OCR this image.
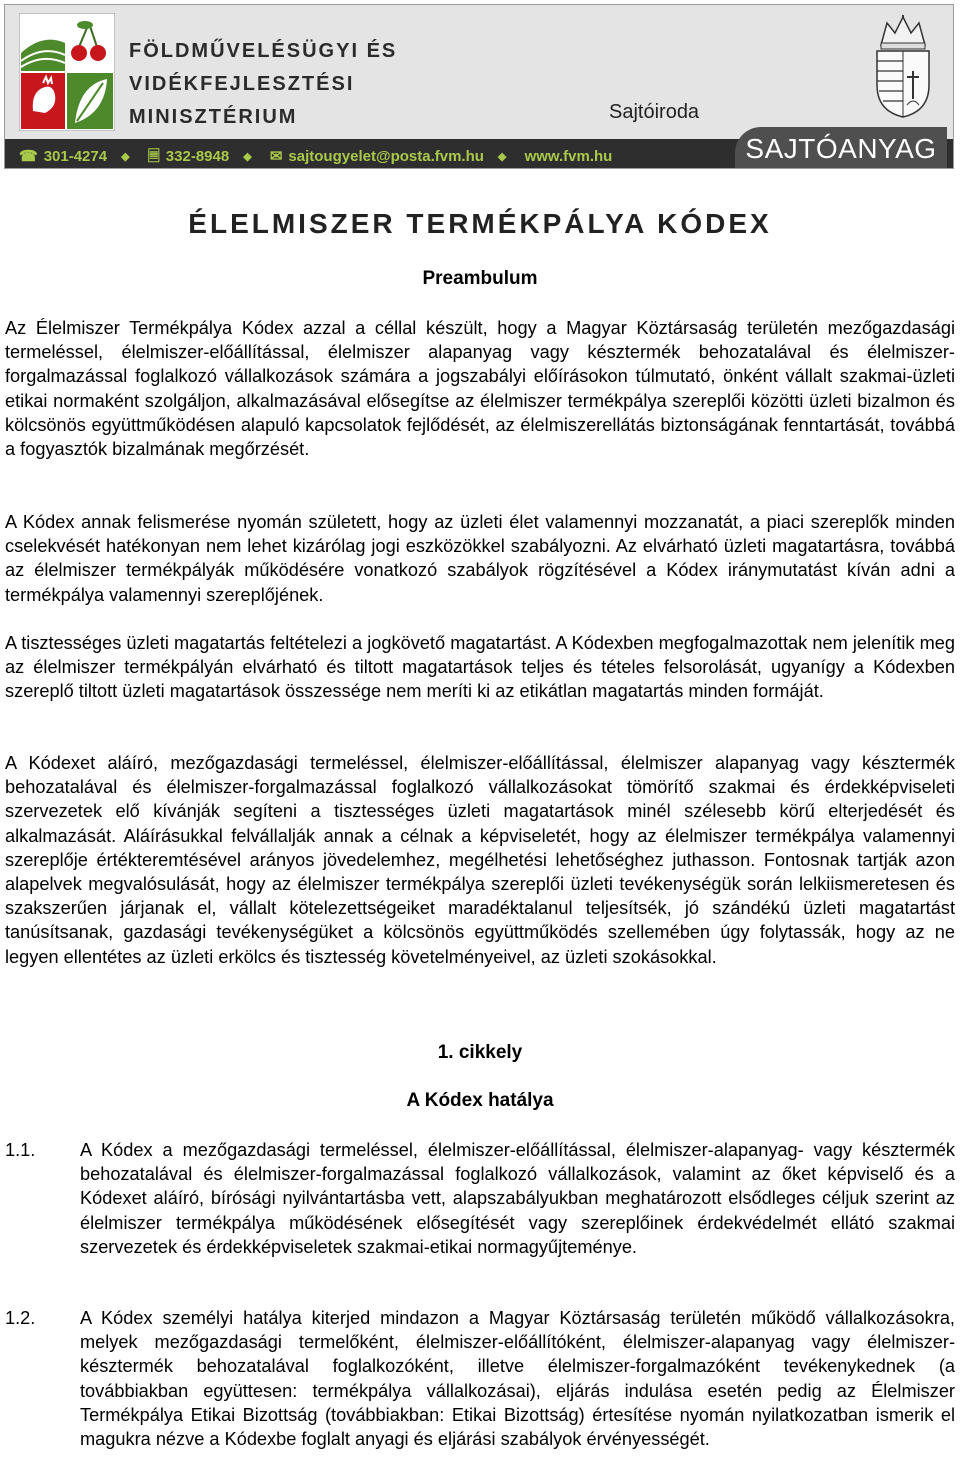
FÖLDMŰVELÉSÜGYI ÉS
VIDÉKFEJLESZTÉSI
MINISZTÉRIUM	Sajtóiroda
☎ 301-4274 ◆ 🗏 332-8948 ◆ ✉ sajtougyelet@posta.fvm.hu ◆ www.fvm.hu	SAJTÓANYAG
ÉLELMISZER TERMÉKPÁLYA KÓDEX
Preambulum

Az Élelmiszer Termékpálya Kódex azzal a céllal készült, hogy a Magyar Köztársaság területén mezőgazdasági termeléssel, élelmiszer-előállítással, élelmiszer alapanyag vagy késztermék behozatalával és élelmiszer-forgalmazással foglalkozó vállalkozások számára a jogszabályi előírásokon túlmutató, önként vállalt szakmai-üzleti etikai normaként szolgáljon, alkalmazásával elősegítse az élelmiszer termékpálya szereplői közötti üzleti bizalmon és kölcsönös együttműködésen alapuló kapcsolatok fejlődését, az élelmiszerellátás biztonságának fenntartását, továbbá a fogyasztók bizalmának megőrzését.

A Kódex annak felismerése nyomán született, hogy az üzleti élet valamennyi mozzanatát, a piaci szereplők minden cselekvését hatékonyan nem lehet kizárólag jogi eszközökkel szabályozni. Az elvárható üzleti magatartásra, továbbá az élelmiszer termékpályák működésére vonatkozó szabályok rögzítésével a Kódex iránymutatást kíván adni a termékpálya valamennyi szereplőjének.

A tisztességes üzleti magatartás feltételezi a jogkövető magatartást. A Kódexben megfogalmazottak nem jelenítik meg az élelmiszer termékpályán elvárható és tiltott magatartások teljes és tételes felsorolását, ugyanígy a Kódexben szereplő tiltott üzleti magatartások összessége nem meríti ki az etikátlan magatartás minden formáját.

A Kódexet aláíró, mezőgazdasági termeléssel, élelmiszer-előállítással, élelmiszer alapanyag vagy késztermék behozatalával és élelmiszer-forgalmazással foglalkozó vállalkozásokat tömörítő szakmai és érdekképviseleti szervezetek elő kívánják segíteni a tisztességes üzleti magatartások minél szélesebb körű elterjedését és alkalmazását. Aláírásukkal felvállalják annak a célnak a képviseletét, hogy az élelmiszer termékpálya valamennyi szereplője értékteremtésével arányos jövedelemhez, megélhetési lehetőséghez juthasson. Fontosnak tartják azon alapelvek megvalósulását, hogy az élelmiszer termékpálya szereplői üzleti tevékenységük során lelkiismeretesen és szakszerűen járjanak el, vállalt kötelezettségeiket maradéktalanul teljesítsék, jó szándékú üzleti magatartást tanúsítsanak, gazdasági tevékenységüket a kölcsönös együttműködés szellemében úgy folytassák, hogy az ne legyen ellentétes az üzleti erkölcs és tisztesség követelményeivel, az üzleti szokásokkal.

1. cikkely
A Kódex hatálya
1.1. A Kódex a mezőgazdasági termeléssel, élelmiszer-előállítással, élelmiszer-alapanyag- vagy késztermék behozatalával és élelmiszer-forgalmazással foglalkozó vállalkozások, valamint az őket képviselő és a Kódexet aláíró, bírósági nyilvántartásba vett, alapszabályukban meghatározott elsődleges céljuk szerint az élelmiszer termékpálya működésének elősegítését vagy szereplőinek érdekvédelmét ellátó szakmai szervezetek és érdekképviseletek szakmai-etikai normagyűjteménye.
1.2. A Kódex személyi hatálya kiterjed mindazon a Magyar Köztársaság területén működő vállalkozásokra, melyek mezőgazdasági termelőként, élelmiszer-előállítóként, élelmiszer-alapanyag vagy élelmiszer-késztermék behozatalával foglalkozóként, illetve élelmiszer-forgalmazóként tevékenykednek (a továbbiakban együttesen: termékpálya vállalkozásai), eljárás indulása esetén pedig az Élelmiszer Termékpálya Etikai Bizottság (továbbiakban: Etikai Bizottság) értesítése nyomán nyilatkozatban ismerik el magukra nézve a Kódexbe foglalt anyagi és eljárási szabályok érvényességét.
